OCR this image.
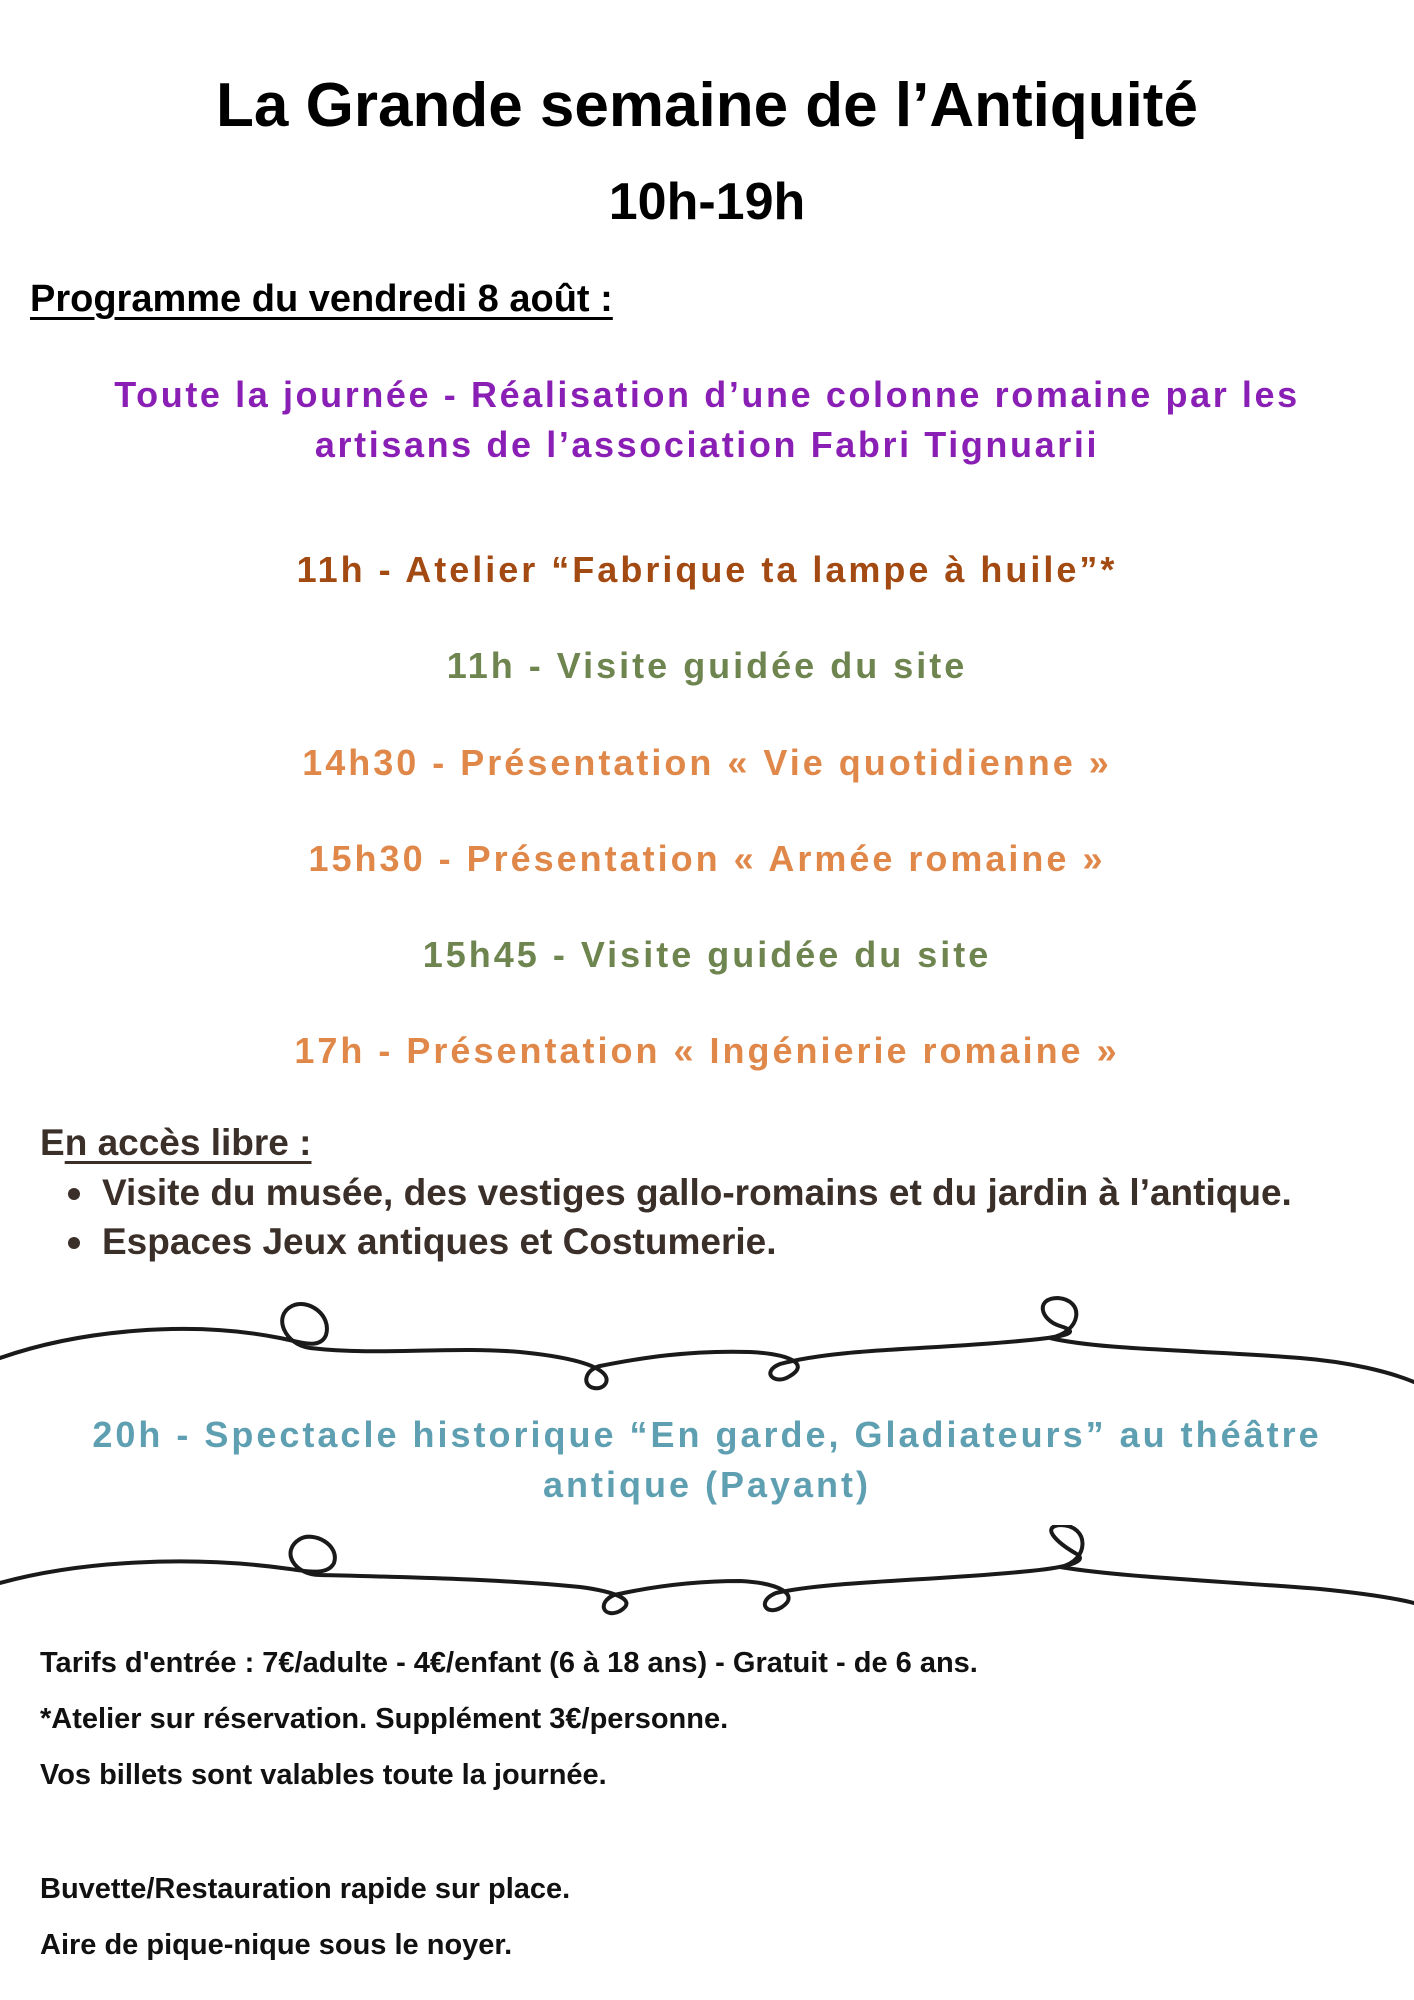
La Grande semaine de l’Antiquité
10h-19h
Programme du vendredi 8 août :
Toute la journée - Réalisation d’une colonne romaine par les artisans de l’association Fabri Tignuarii
11h - Atelier “Fabrique ta lampe à huile”*
11h - Visite guidée du site
14h30 - Présentation « Vie quotidienne »
15h30 - Présentation « Armée romaine »
15h45 - Visite guidée du site
17h - Présentation « Ingénierie romaine »
En accès libre :
Visite du musée, des vestiges gallo-romains et du jardin à l’antique.
Espaces Jeux antiques et Costumerie.
20h - Spectacle historique “En garde, Gladiateurs” au théâtre antique (Payant)
Tarifs d'entrée : 7€/adulte - 4€/enfant (6 à 18 ans) - Gratuit - de 6 ans.
*Atelier sur réservation. Supplément 3€/personne.
Vos billets sont valables toute la journée.
Buvette/Restauration rapide sur place.
Aire de pique-nique sous le noyer.
